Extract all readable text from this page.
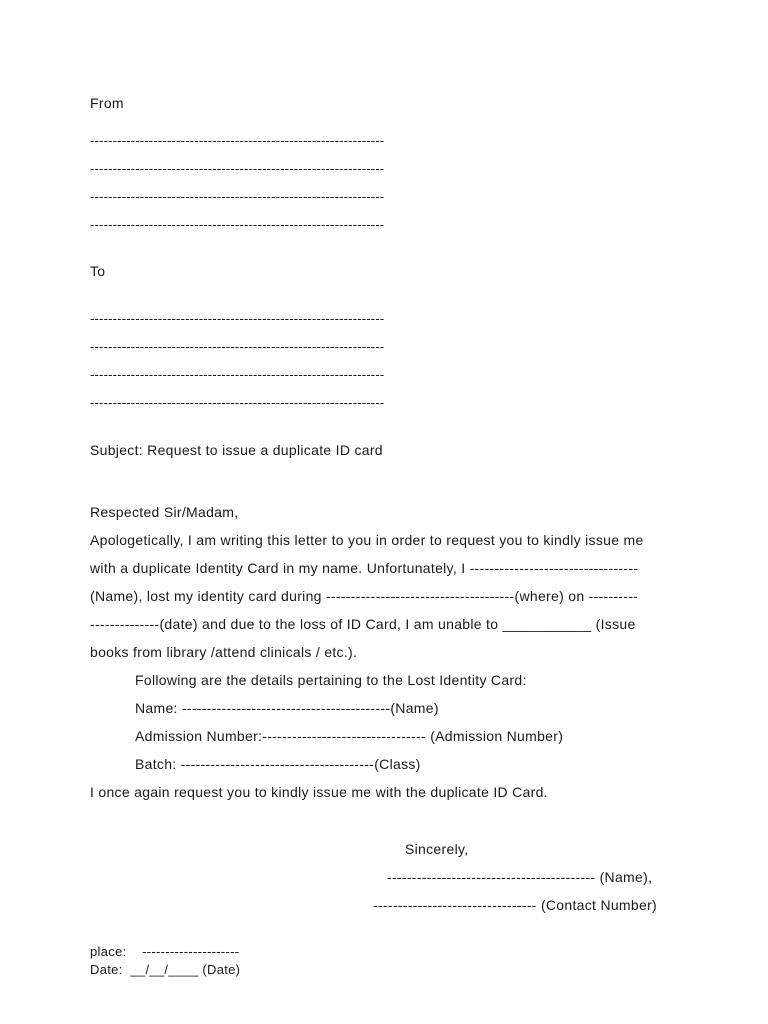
From
-----------------------------------------------------------------
-----------------------------------------------------------------
-----------------------------------------------------------------
-----------------------------------------------------------------
To
-----------------------------------------------------------------
-----------------------------------------------------------------
-----------------------------------------------------------------
-----------------------------------------------------------------
Subject: Request to issue a duplicate ID card
Respected Sir/Madam,
Apologetically, I am writing this letter to you in order to request you to kindly issue me
with a duplicate Identity Card in my name. Unfortunately, I ----------------------------------
(Name), lost my identity card during --------------------------------------(where) on ----------
--------------(date) and due to the loss of ID Card, I am unable to ___________ (Issue
books from library /attend clinicals / etc.).
Following are the details pertaining to the Lost Identity Card:
Name: ------------------------------------------(Name)
Admission Number:--------------------------------- (Admission Number)
Batch: ---------------------------------------(Class)
I once again request you to kindly issue me with the duplicate ID Card.
Sincerely,
------------------------------------------ (Name),
--------------------------------- (Contact Number)
place:    ---------------------
Date:  __/__/____ (Date)
